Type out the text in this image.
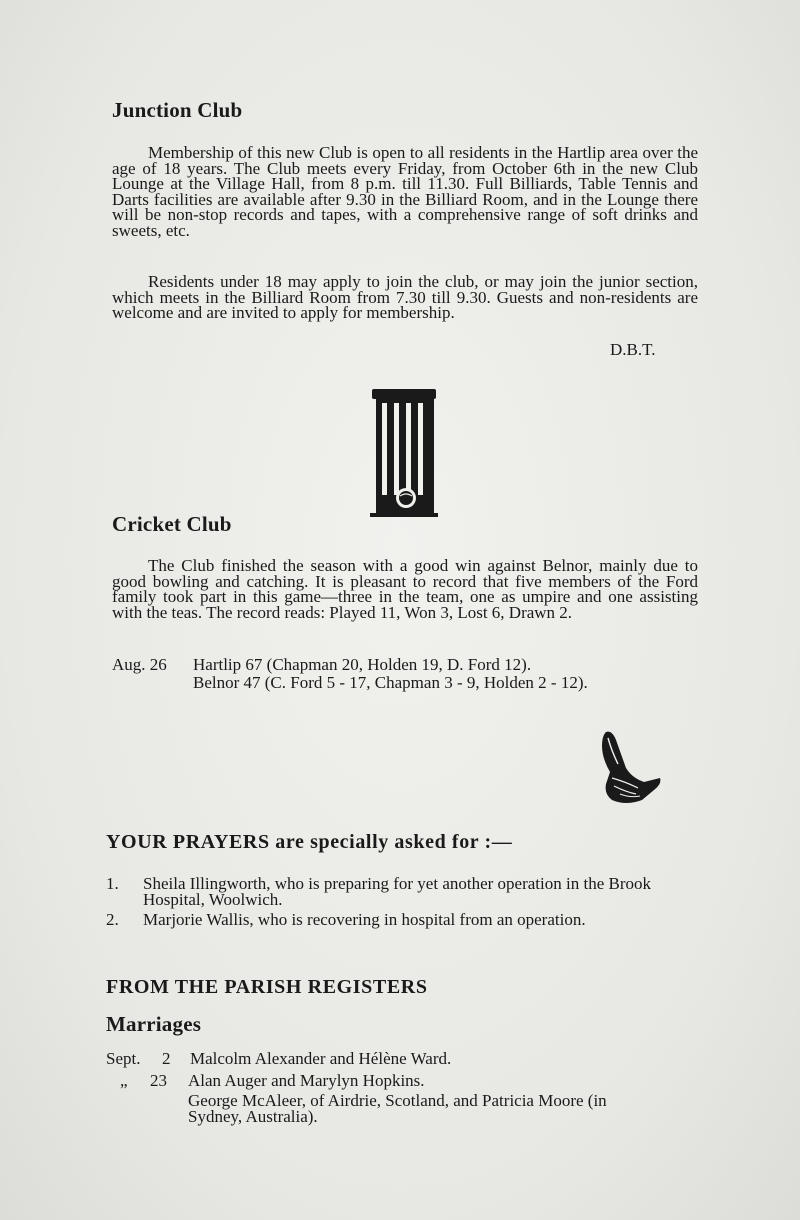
Junction Club

Membership of this new Club is open to all residents in the Hartlip area over the age of 18 years. The Club meets every Friday, from October 6th in the new Club Lounge at the Village Hall, from 8 p.m. till 11.30. Full Billiards, Table Tennis and Darts facilities are available after 9.30 in the Billiard Room, and in the Lounge there will be non-stop records and tapes, with a comprehensive range of soft drinks and sweets, etc.

Residents under 18 may apply to join the club, or may join the junior section, which meets in the Billiard Room from 7.30 till 9.30. Guests and non-residents are welcome and are invited to apply for membership.

D.B.T.
Cricket Club

The Club finished the season with a good win against Belnor, mainly due to good bowling and catching. It is pleasant to record that five members of the Ford family took part in this game—three in the team, one as umpire and one assisting with the teas. The record reads: Played 11, Won 3, Lost 6, Drawn 2.

Aug. 26 Hartlip 67 (Chapman 20, Holden 19, D. Ford 12).
Belnor 47 (C. Ford 5 - 17, Chapman 3 - 9, Holden 2 - 12).
YOUR PRAYERS are specially asked for :—
1. Sheila Illingworth, who is preparing for yet another operation in the Brook Hospital, Woolwich.
2. Marjorie Wallis, who is recovering in hospital from an operation.
FROM THE PARISH REGISTERS
Marriages
Sept. 2 Malcolm Alexander and Hélène Ward.
„ 23 Alan Auger and Marylyn Hopkins.
George McAleer, of Airdrie, Scotland, and Patricia Moore (in
Sydney, Australia).
